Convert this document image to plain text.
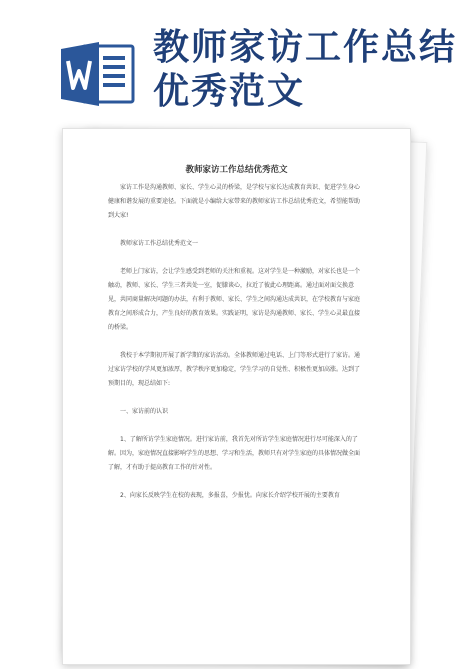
教师家访工作总结
优秀范文
教师家访工作总结优秀范文

家访工作是沟通教师、家长、学生心灵的桥梁，是学校与家长达成教育共识、促进学生身心健康和谐发展的重要途径。下面就是小编给大家带来的教师家访工作总结优秀范文，希望能帮助到大家!

教师家访工作总结优秀范文一

老师上门家访，会让学生感受到老师的关注和重视。这对学生是一种激励，对家长也是一个触动，教师、家长、学生三者共处一室，促膝谈心，拉近了彼此心理距离。通过面对面交换意见，共同商量解决问题的办法，有利于教师、家长、学生之间沟通达成共识，在学校教育与家庭教育之间形成合力，产生良好的教育效果。实践证明，家访是沟通教师、家长、学生心灵最直接的桥梁。

我校于本学期初开展了新学期的家访活动。全体教师通过电话、上门等形式进行了家访。通过家访学校的学风更加浓厚，教学秩序更加稳定，学生学习的自觉性、积极性更加高涨。达到了预期目的，现总结如下:

一、家访前的认识

1、了解所访学生家庭情况。进行家访前，我首先对所访学生家庭情况进行尽可能深入的了解。因为，家庭情况直接影响学生的思想、学习和生活，教师只有对学生家庭的具体情况做全面了解，才有助于提高教育工作的针对性。

2、向家长反映学生在校的表现，多报喜，少报忧。向家长介绍学校开展的主要教育
